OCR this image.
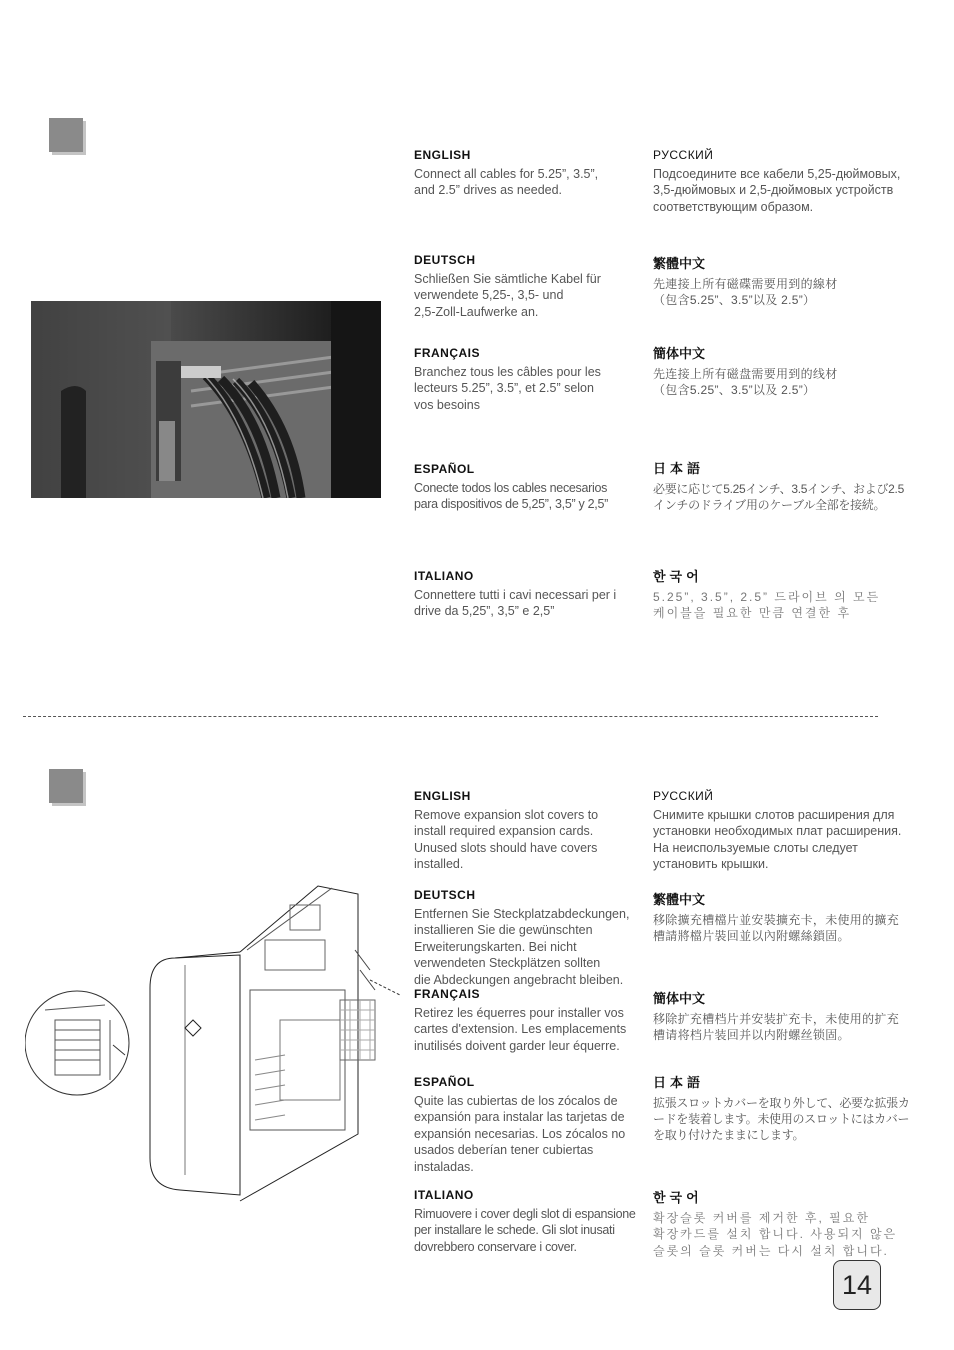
ENGLISH

Connect all cables for 5.25”, 3.5”,
and 2.5” drives as needed.

DEUTSCH

Schließen Sie sämtliche Kabel für
verwendete 5,25-, 3,5- und
2,5-Zoll-Laufwerke an.

FRANÇAIS

Branchez tous les câbles pour les
lecteurs 5.25”, 3.5”, et 2.5” selon
vos besoins

ESPAÑOL

Conecte todos los cables necesarios
para dispositivos de 5,25”, 3,5” y 2,5”

ITALIANO

Connettere tutti i cavi necessari per i
drive da 5,25”, 3,5” e 2,5”

РУССКИЙ

Подсоедините все кабели 5,25-дюймовых,
3,5-дюймовых и 2,5-дюймовых устройств
соответствующим образом.

繁體中文

先連接上所有磁碟需要用到的線材
（包含5.25”、3.5”以及 2.5”）

簡体中文

先连接上所有磁盘需要用到的线材
（包含5.25”、3.5”以及 2.5”）

日本語

必要に応じて5.25インチ、3.5インチ、および2.5
インチのドライブ用のケーブル全部を接続。

한국어

5.25”, 3.5”, 2.5” 드라이브 의 모든
케이블을 필요한 만큼 연결한 후

ENGLISH

Remove expansion slot covers to
install required expansion cards.
Unused slots should have covers
installed.

DEUTSCH

Entfernen Sie Steckplatzabdeckungen,
installieren Sie die gewünschten
Erweiterungskarten. Bei nicht
verwendeten Steckplätzen sollten
die Abdeckungen angebracht bleiben.

FRANÇAIS

Retirez les équerres pour installer vos
cartes d'extension. Les emplacements
inutilisés doivent garder leur équerre.

ESPAÑOL

Quite las cubiertas de los zócalos de
expansión para instalar las tarjetas de
expansión necesarias. Los zócalos no
usados deberían tener cubiertas
instaladas.

ITALIANO

Rimuovere i cover degli slot di espansione
per installare le schede. Gli slot inusati
dovrebbero conservare i cover.

РУССКИЙ

Снимите крышки слотов расширения для
установки необходимых плат расширения.
На неиспользуемые слоты следует
установить крышки.

繁體中文

移除擴充槽檔片並安裝擴充卡，未使用的擴充
槽請將檔片裝回並以內附螺絲鎖固。

簡体中文

移除扩充槽档片并安装扩充卡，未使用的扩充
槽请将档片装回并以内附螺丝锁固。

日本語

拡張スロットカバーを取り外して、必要な拡張カ
ードを装着します。未使用のスロットにはカバー
を取り付けたままにします。

한국어

확장슬롯 커버를 제거한 후, 필요한
확장카드를 설치 합니다. 사용되지 않은
슬롯의 슬롯 커버는 다시 설치 합니다.

14
